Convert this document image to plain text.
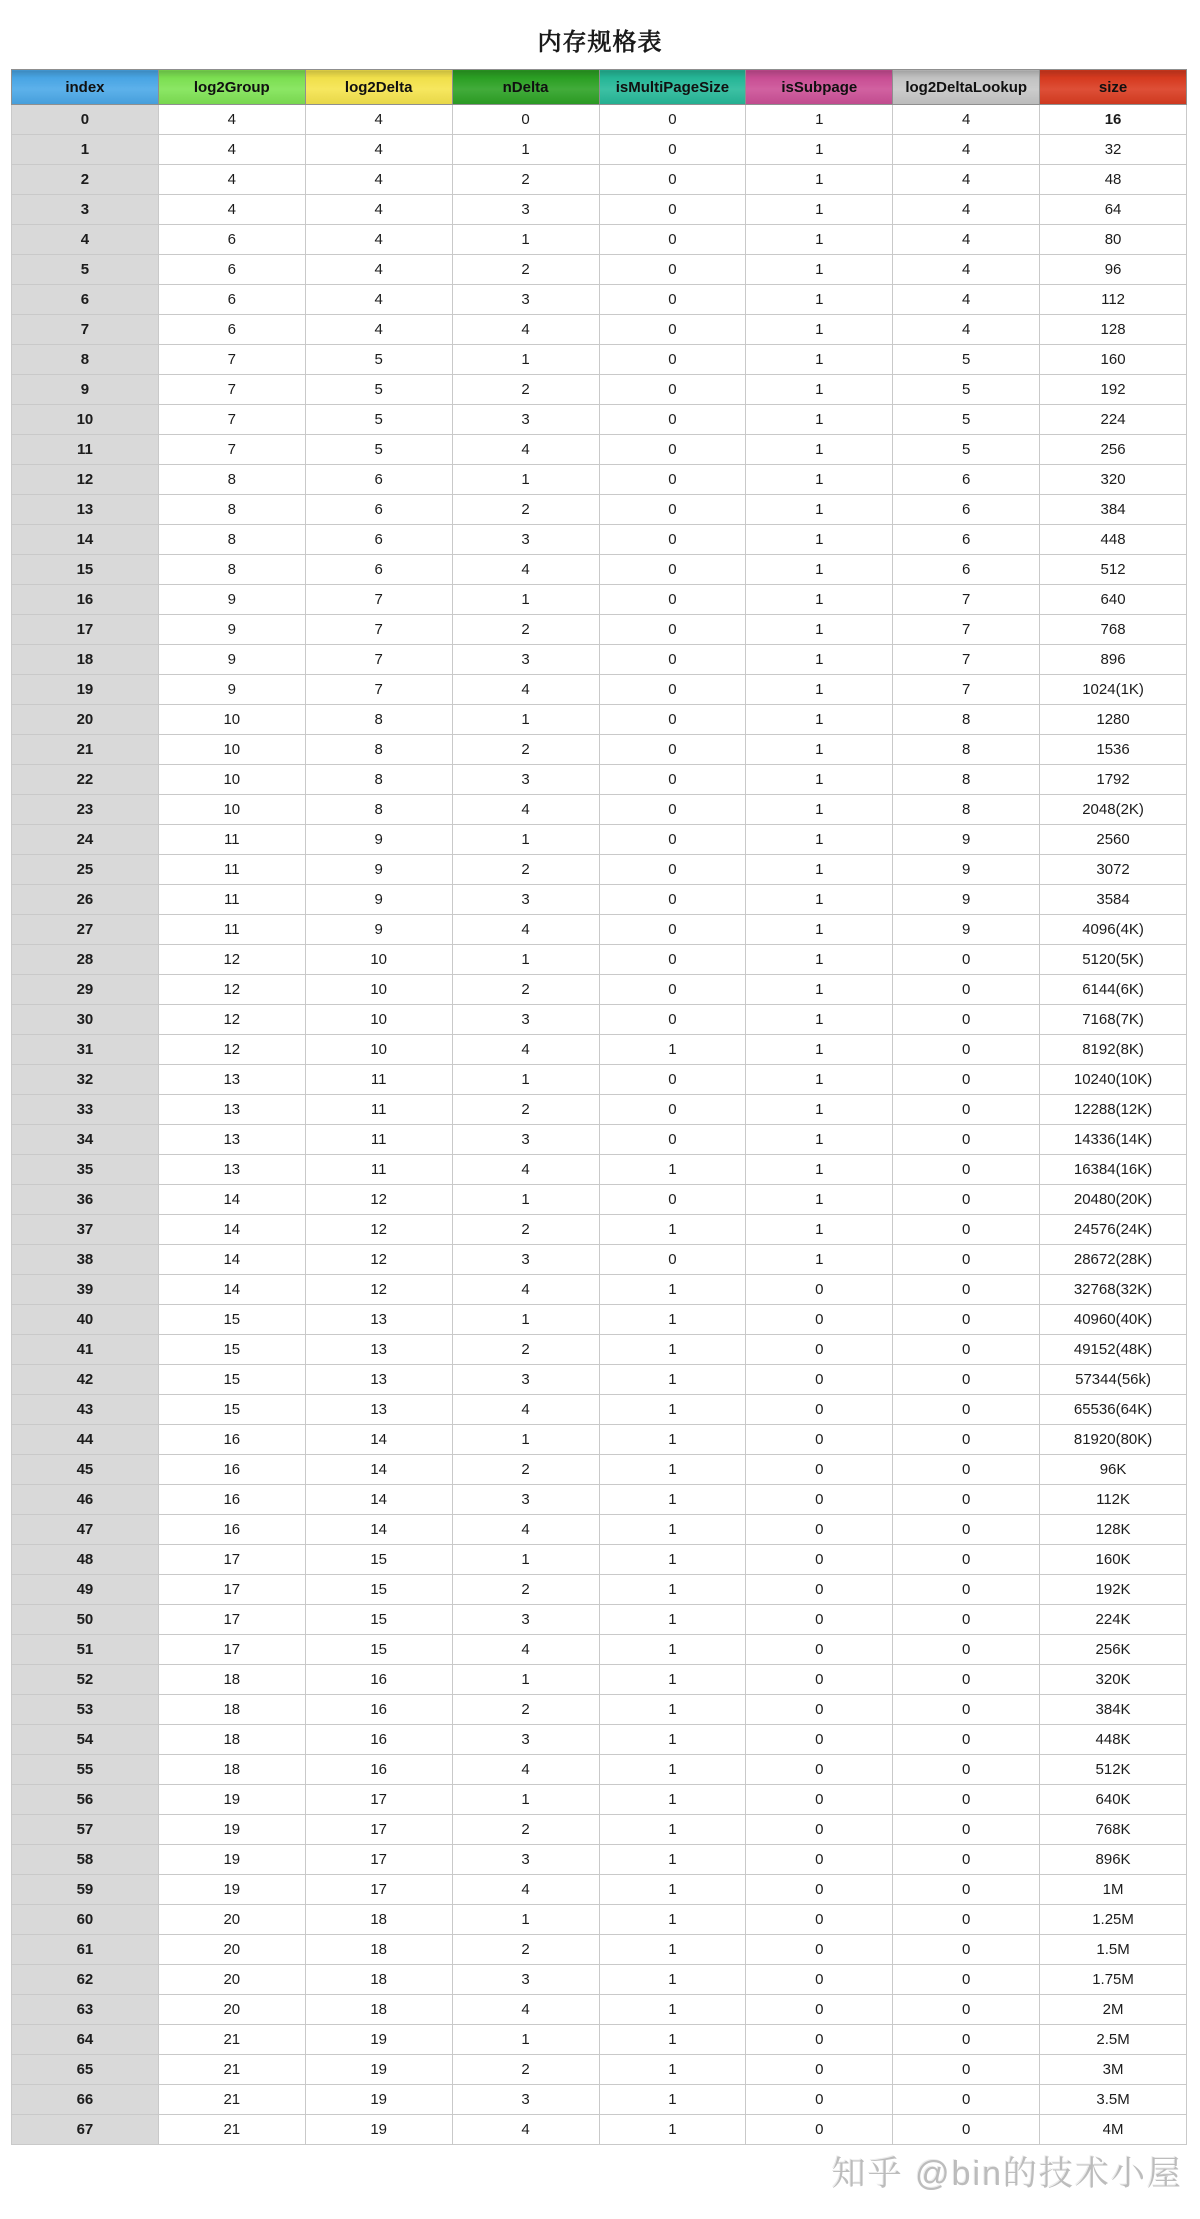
内存规格表
index	log2Group	log2Delta	nDelta	isMultiPageSize	isSubpage	log2DeltaLookup	size
0	4	4	0	0	1	4	16
1	4	4	1	0	1	4	32
2	4	4	2	0	1	4	48
3	4	4	3	0	1	4	64
4	6	4	1	0	1	4	80
5	6	4	2	0	1	4	96
6	6	4	3	0	1	4	112
7	6	4	4	0	1	4	128
8	7	5	1	0	1	5	160
9	7	5	2	0	1	5	192
10	7	5	3	0	1	5	224
11	7	5	4	0	1	5	256
12	8	6	1	0	1	6	320
13	8	6	2	0	1	6	384
14	8	6	3	0	1	6	448
15	8	6	4	0	1	6	512
16	9	7	1	0	1	7	640
17	9	7	2	0	1	7	768
18	9	7	3	0	1	7	896
19	9	7	4	0	1	7	1024(1K)
20	10	8	1	0	1	8	1280
21	10	8	2	0	1	8	1536
22	10	8	3	0	1	8	1792
23	10	8	4	0	1	8	2048(2K)
24	11	9	1	0	1	9	2560
25	11	9	2	0	1	9	3072
26	11	9	3	0	1	9	3584
27	11	9	4	0	1	9	4096(4K)
28	12	10	1	0	1	0	5120(5K)
29	12	10	2	0	1	0	6144(6K)
30	12	10	3	0	1	0	7168(7K)
31	12	10	4	1	1	0	8192(8K)
32	13	11	1	0	1	0	10240(10K)
33	13	11	2	0	1	0	12288(12K)
34	13	11	3	0	1	0	14336(14K)
35	13	11	4	1	1	0	16384(16K)
36	14	12	1	0	1	0	20480(20K)
37	14	12	2	1	1	0	24576(24K)
38	14	12	3	0	1	0	28672(28K)
39	14	12	4	1	0	0	32768(32K)
40	15	13	1	1	0	0	40960(40K)
41	15	13	2	1	0	0	49152(48K)
42	15	13	3	1	0	0	57344(56k)
43	15	13	4	1	0	0	65536(64K)
44	16	14	1	1	0	0	81920(80K)
45	16	14	2	1	0	0	96K
46	16	14	3	1	0	0	112K
47	16	14	4	1	0	0	128K
48	17	15	1	1	0	0	160K
49	17	15	2	1	0	0	192K
50	17	15	3	1	0	0	224K
51	17	15	4	1	0	0	256K
52	18	16	1	1	0	0	320K
53	18	16	2	1	0	0	384K
54	18	16	3	1	0	0	448K
55	18	16	4	1	0	0	512K
56	19	17	1	1	0	0	640K
57	19	17	2	1	0	0	768K
58	19	17	3	1	0	0	896K
59	19	17	4	1	0	0	1M
60	20	18	1	1	0	0	1.25M
61	20	18	2	1	0	0	1.5M
62	20	18	3	1	0	0	1.75M
63	20	18	4	1	0	0	2M
64	21	19	1	1	0	0	2.5M
65	21	19	2	1	0	0	3M
66	21	19	3	1	0	0	3.5M
67	21	19	4	1	0	0	4M
知乎 @bin的技术小屋
